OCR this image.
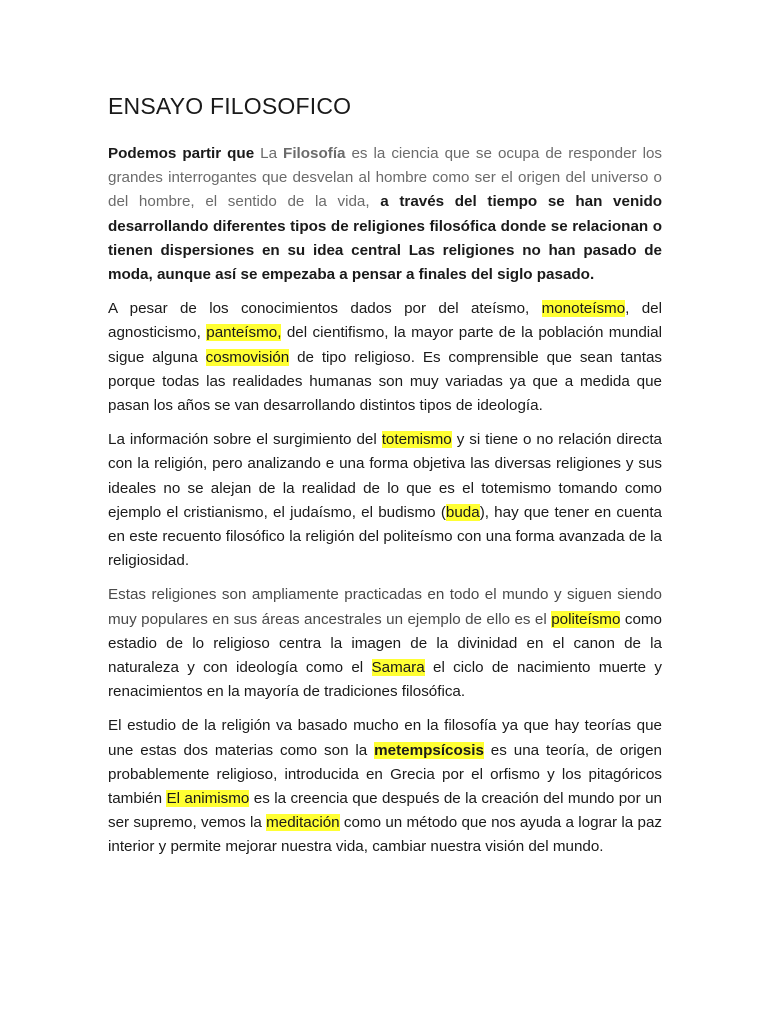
ENSAYO FILOSOFICO

Podemos partir que La Filosofía es la ciencia que se ocupa de responder los grandes interrogantes que desvelan al hombre como ser el origen del universo o del hombre, el sentido de la vida, a través del tiempo se han venido desarrollando diferentes tipos de religiones filosófica donde se relacionan o tienen dispersiones en su idea central Las religiones no han pasado de moda, aunque así se empezaba a pensar a finales del siglo pasado.

A pesar de los conocimientos dados por del ateísmo, monoteísmo, del agnosticismo, panteísmo, del cientifismo, la mayor parte de la población mundial sigue alguna cosmovisión de tipo religioso. Es comprensible que sean tantas porque todas las realidades humanas son muy variadas ya que a medida que pasan los años se van desarrollando distintos tipos de ideología.

La información sobre el surgimiento del totemismo y si tiene o no relación directa con la religión, pero analizando e una forma objetiva las diversas religiones y sus ideales no se alejan de la realidad de lo que es el totemismo tomando como ejemplo el cristianismo, el judaísmo, el budismo (buda), hay que tener en cuenta en este recuento filosófico la religión del politeísmo con una forma avanzada de la religiosidad.

Estas religiones son ampliamente practicadas en todo el mundo y siguen siendo muy populares en sus áreas ancestrales un ejemplo de ello es el politeísmo como estadio de lo religioso centra la imagen de la divinidad en el canon de la naturaleza y con ideología como el Samara el ciclo de nacimiento muerte y renacimientos en la mayoría de tradiciones filosófica.

El estudio de la religión va basado mucho en la filosofía ya que hay teorías que une estas dos materias como son la metempsícosis es una teoría, de origen probablemente religioso, introducida en Grecia por el orfismo y los pitagóricos también El animismo es la creencia que después de la creación del mundo por un ser supremo, vemos la meditación como un método que nos ayuda a lograr la paz interior y permite mejorar nuestra vida, cambiar nuestra visión del mundo.
